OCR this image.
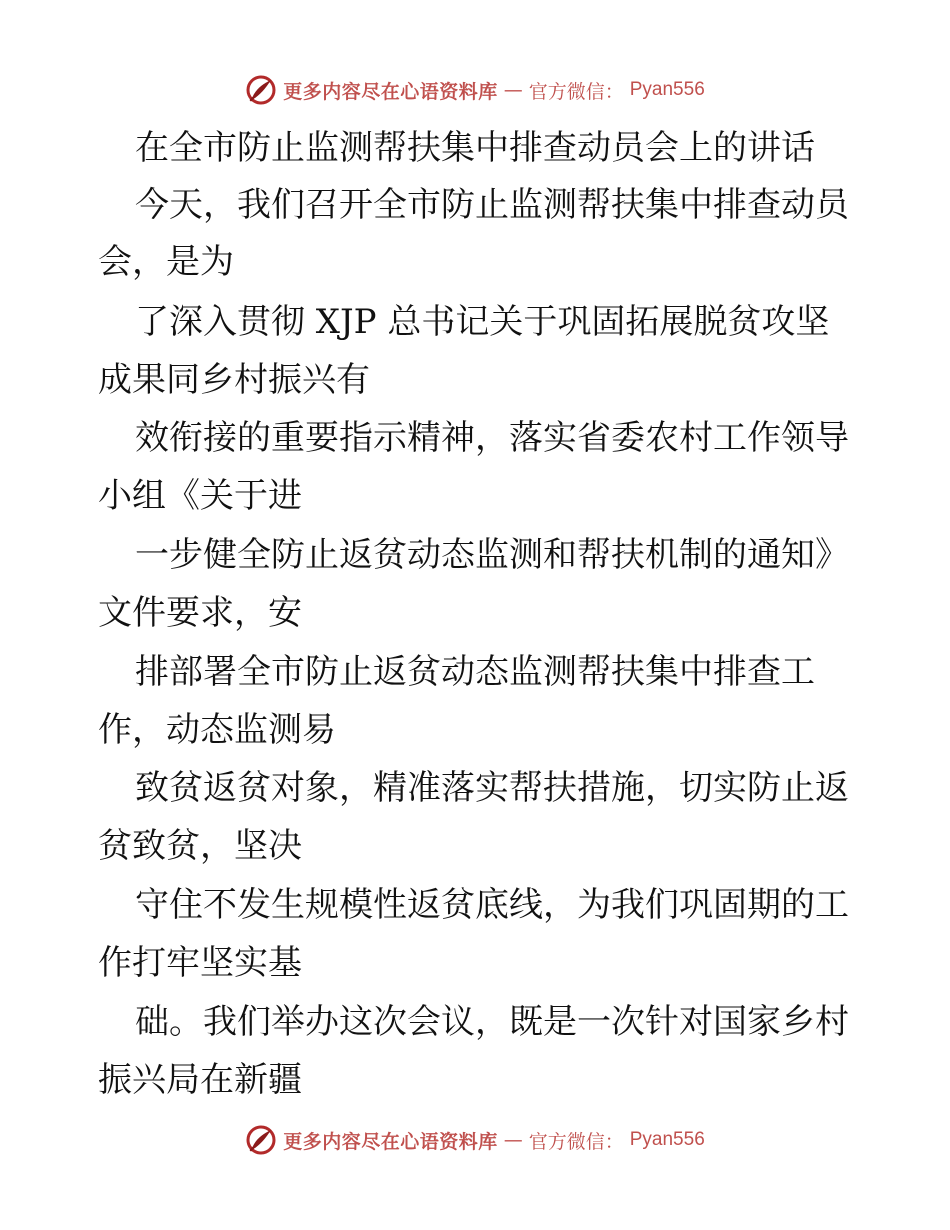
更多内容尽在心语资料库 — 官方微信： Pyan556
在全市防止监测帮扶集中排查动员会上的讲话
今天，我们召开全市防止监测帮扶集中排查动员
会，是为
了深入贯彻 XJP 总书记关于巩固拓展脱贫攻坚
成果同乡村振兴有
效衔接的重要指示精神，落实省委农村工作领导
小组《关于进
一步健全防止返贫动态监测和帮扶机制的通知》
文件要求，安
排部署全市防止返贫动态监测帮扶集中排查工
作，动态监测易
致贫返贫对象，精准落实帮扶措施，切实防止返
贫致贫，坚决
守住不发生规模性返贫底线，为我们巩固期的工
作打牢坚实基
础。我们举办这次会议，既是一次针对国家乡村
振兴局在新疆
更多内容尽在心语资料库 — 官方微信： Pyan556
